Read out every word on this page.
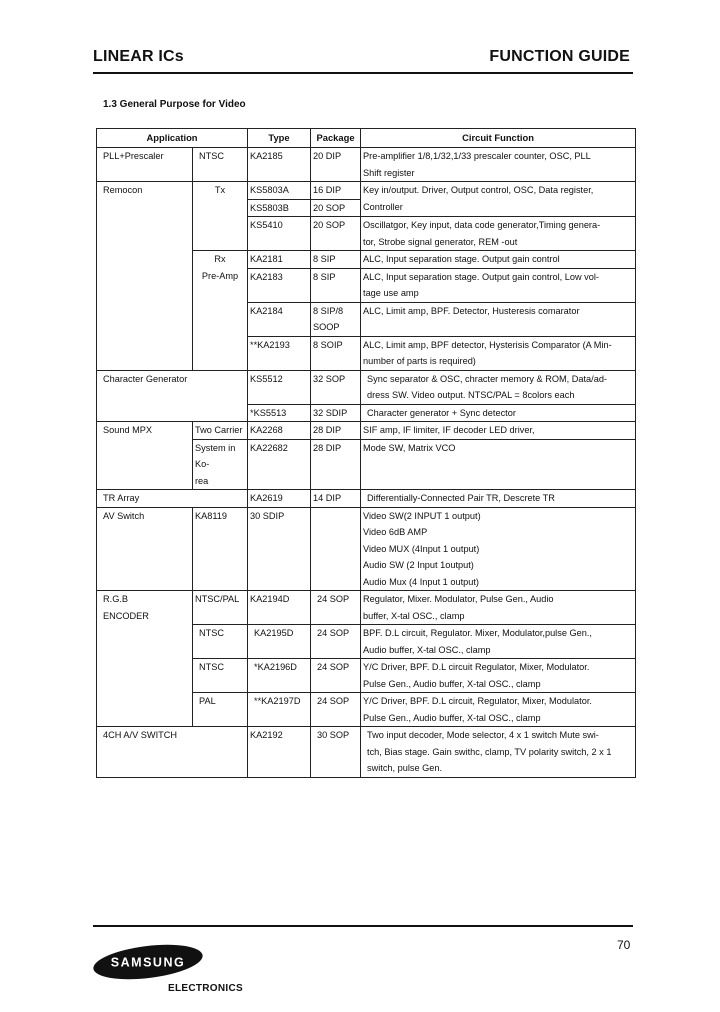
LINEAR ICs	FUNCTION GUIDE
1.3 General Purpose for Video
Application		Type	Package	Circuit Function
PLL+Prescaler	NTSC	KA2185	20 DIP	Pre-amplifier 1/8,1/32,1/33 prescaler counter, OSC, PLL
Shift register

Remocon	Tx	KS5803A	16 DIP	Key in/output. Driver, Output control, OSC, Data register,
Controller

		KS5803B	20 SOP	
		KS5410	20 SOP	Oscillatgor, Key input, data code generator,Timing genera-
tor, Strobe signal generator, REM -out

	Rx	KA2181	8 SIP	ALC, Input separation stage. Output gain control

	Pre-Amp	KA2183	8 SIP	ALC, Input separation stage. Output gain control, Low vol-
tage use amp

		KA2184	8 SIP/8
SOOP	ALC, Limit amp, BPF. Detector, Husteresis comarator

		**KA2193	8 SOIP	ALC, Limit amp, BPF detector, Hysterisis Comparator (A Min-
number of parts is required)

Character Generator		KS5512	32 SOP	Sync separator & OSC, chracter memory & ROM, Data/ad-
dress SW. Video output. NTSC/PAL = 8colors each

		*KS5513	32 SDIP	Character generator + Sync detector

Sound MPX	Two Carrier	KA2268	28 DIP	SIF amp, IF limiter, IF decoder LED driver,

	System in
Ko-
rea	KA22682	28 DIP	Mode SW, Matrix VCO

TR Array		KA2619	14 DIP	Differentially-Connected Pair TR, Descrete TR

AV Switch	KA8119	30 SDIP		Video SW(2 INPUT 1 output)
Video 6dB AMP
Video MUX (4Input 1 output)
Audio SW (2 Input 1output)
Audio Mux (4 Input 1 output)

R.G.B
ENCODER	NTSC/PAL	KA2194D	24 SOP	Regulator, Mixer. Modulator, Pulse Gen., Audio
buffer, X-tal OSC., clamp

	NTSC	KA2195D	24 SOP	BPF. D.L circuit, Regulator. Mixer, Modulator,pulse Gen.,
Audio buffer, X-tal OSC., clamp

	NTSC	*KA2196D	24 SOP	Y/C Driver, BPF. D.L circuit Regulator, Mixer, Modulator.
Pulse Gen., Audio buffer, X-tal OSC., clamp

	PAL	**KA2197D	24 SOP	Y/C Driver, BPF. D.L circuit, Regulator, Mixer, Modulator.
Pulse Gen., Audio buffer, X-tal OSC., clamp

4CH A/V SWITCH		KA2192	30 SOP	Two input decoder, Mode selector, 4 x 1 switch Mute swi-
tch, Bias stage. Gain swithc, clamp, TV polarity switch, 2 x 1
switch, pulse Gen.
70
SAMSUNG
ELECTRONICS
